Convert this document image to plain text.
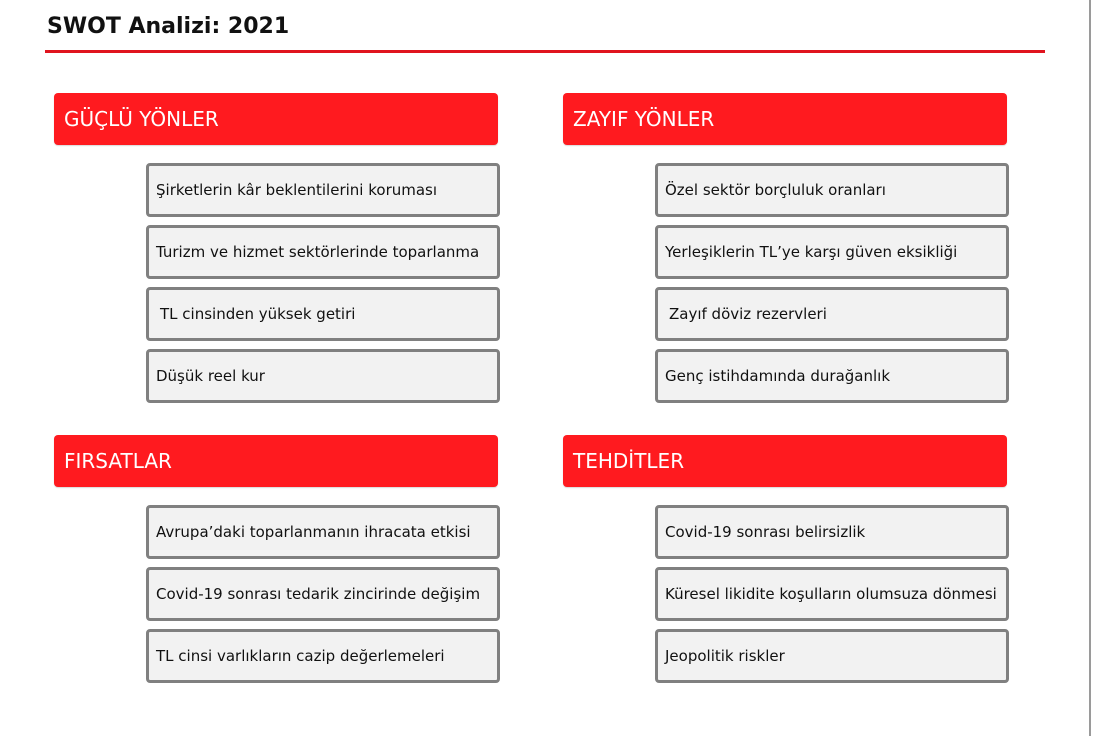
SWOT Analizi: 2021
GÜÇLÜ YÖNLER
Şirketlerin kâr beklentilerini koruması
Turizm ve hizmet sektörlerinde toparlanma
TL cinsinden yüksek getiri
Düşük reel kur
ZAYIF YÖNLER
Özel sektör borçluluk oranları
Yerleşiklerin TL’ye karşı güven eksikliği
Zayıf döviz rezervleri
Genç istihdamında durağanlık
FIRSATLAR
Avrupa’daki toparlanmanın ihracata etkisi
Covid-19 sonrası tedarik zincirinde değişim
TL cinsi varlıkların cazip değerlemeleri
TEHDİTLER
Covid-19 sonrası belirsizlik
Küresel likidite koşulların olumsuza dönmesi
Jeopolitik riskler
